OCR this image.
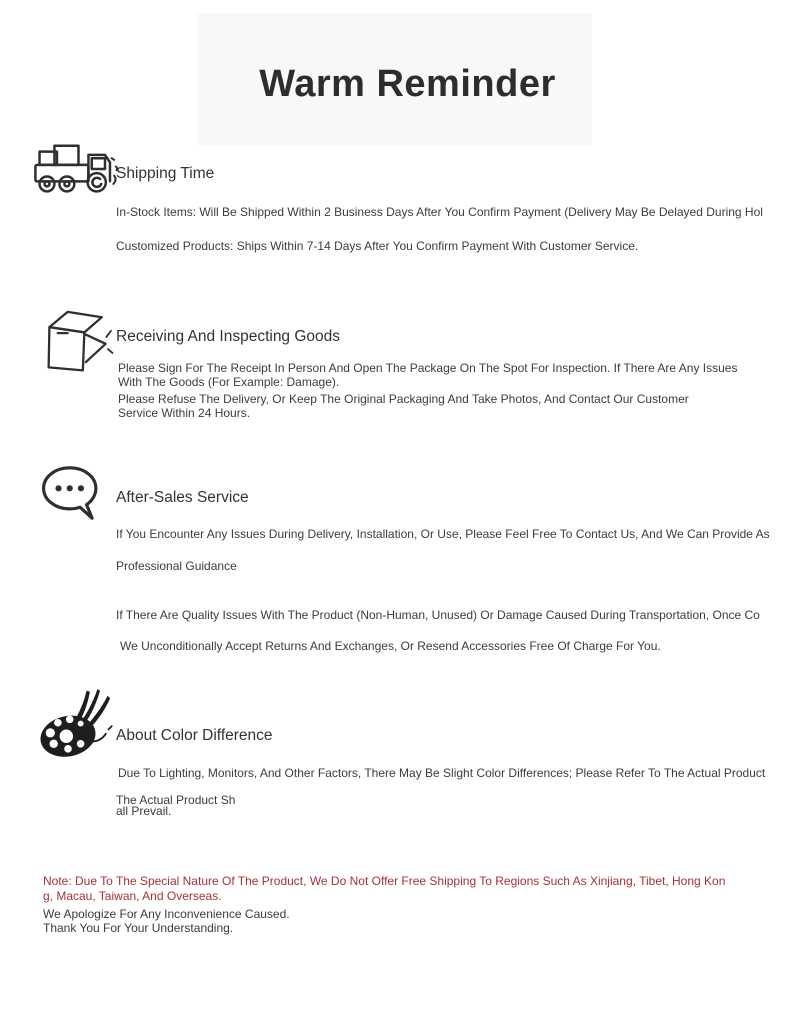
Warm Reminder
Shipping Time
In-Stock Items: Will Be Shipped Within 2 Business Days After You Confirm Payment (Delivery May Be Delayed During Hol
Customized Products: Ships Within 7-14 Days After You Confirm Payment With Customer Service.
Receiving And Inspecting Goods
Please Sign For The Receipt In Person And Open The Package On The Spot For Inspection. If There Are Any Issues
With The Goods (For Example: Damage).
Please Refuse The Delivery, Or Keep The Original Packaging And Take Photos, And Contact Our Customer
Service Within 24 Hours.
After-Sales Service
If You Encounter Any Issues During Delivery, Installation, Or Use, Please Feel Free To Contact Us, And We Can Provide As
Professional Guidance
If There Are Quality Issues With The Product (Non-Human, Unused) Or Damage Caused During Transportation, Once Co
We Unconditionally Accept Returns And Exchanges, Or Resend Accessories Free Of Charge For You.
About Color Difference
Due To Lighting, Monitors, And Other Factors, There May Be Slight Color Differences; Please Refer To The Actual Product
The Actual Product Sh
all Prevail.
Note: Due To The Special Nature Of The Product, We Do Not Offer Free Shipping To Regions Such As Xinjiang, Tibet, Hong Kon
g, Macau, Taiwan, And Overseas.
We Apologize For Any Inconvenience Caused.
Thank You For Your Understanding.
